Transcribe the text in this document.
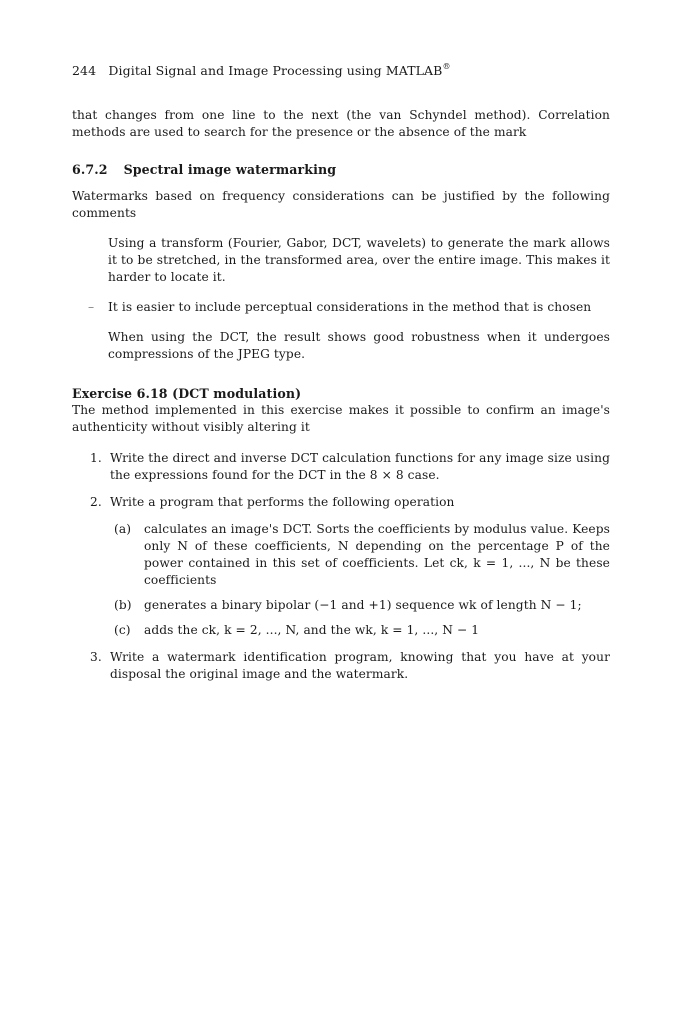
244 Digital Signal and Image Processing using MATLAB®
that changes from one line to the next (the van Schyndel method). Correlation methods are used to search for the presence or the absence of the mark
6.7.2 Spectral image watermarking
Watermarks based on frequency considerations can be justified by the following comments
Using a transform (Fourier, Gabor, DCT, wavelets) to generate the mark allows it to be stretched, in the transformed area, over the entire image. This makes it harder to locate it.
– It is easier to include perceptual considerations in the method that is chosen
When using the DCT, the result shows good robustness when it undergoes compressions of the JPEG type.
Exercise 6.18 (DCT modulation)
The method implemented in this exercise makes it possible to confirm an image's authenticity without visibly altering it
1. Write the direct and inverse DCT calculation functions for any image size using the expressions found for the DCT in the 8 × 8 case.
2. Write a program that performs the following operation
(a) calculates an image's DCT. Sorts the coefficients by modulus value. Keeps only N of these coefficients, N depending on the percentage P of the power contained in this set of coefficients. Let ck, k = 1, ..., N be these coefficients
(b) generates a binary bipolar (−1 and +1) sequence wk of length N − 1;
(c) adds the ck, k = 2, ..., N, and the wk, k = 1, ..., N − 1
3. Write a watermark identification program, knowing that you have at your disposal the original image and the watermark.
